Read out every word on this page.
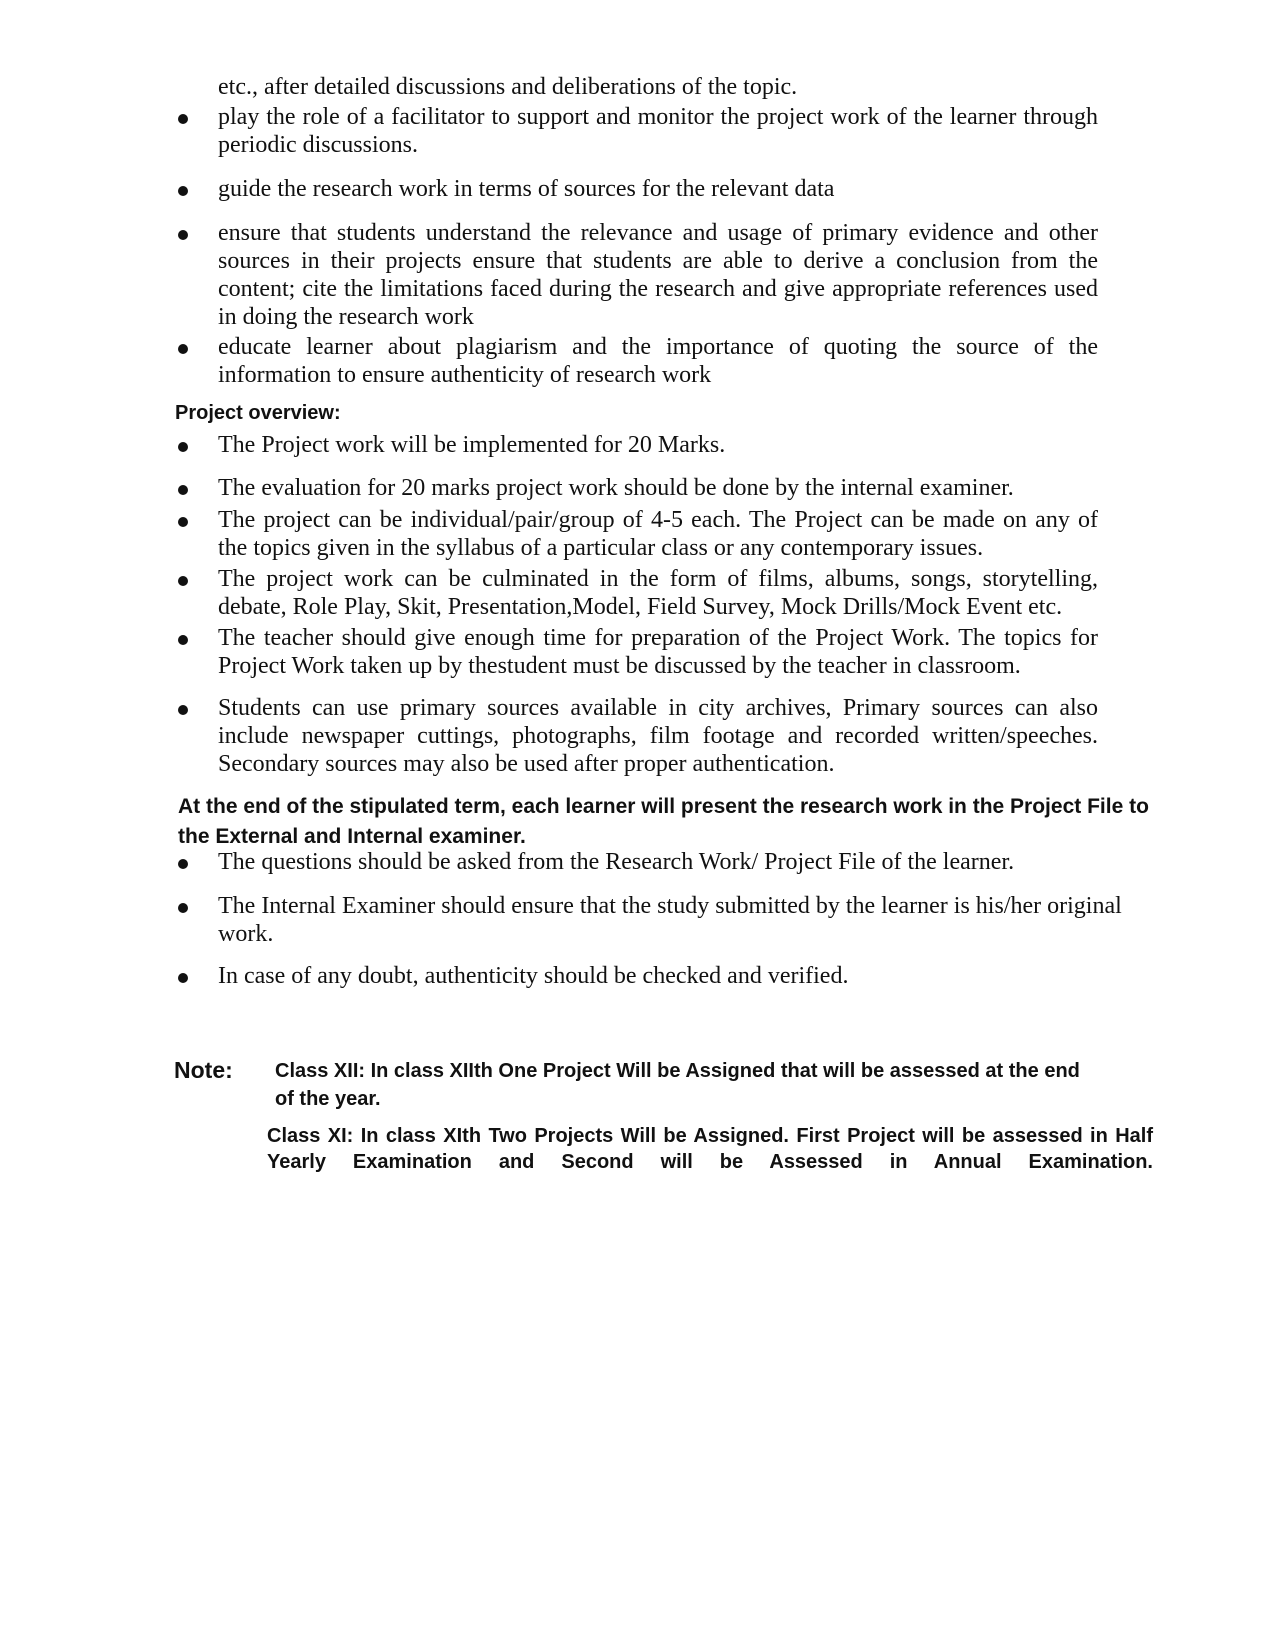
etc., after detailed discussions and deliberations of the topic.
play the role of a facilitator to support and monitor the project work of the learner through periodic discussions.
guide the research work in terms of sources for the relevant data
ensure that students understand the relevance and usage of primary evidence and other sources in their projects ensure that students are able to derive a conclusion from the content; cite the limitations faced during the research and give appropriate references used in doing the research work
educate learner about plagiarism and the importance of quoting the source of the information to ensure authenticity of research work
Project overview:
The Project work will be implemented for 20 Marks.
The evaluation for 20 marks project work should be done by the internal examiner.
The project can be individual/pair/group of 4-5 each. The Project can be made on any of the topics given in the syllabus of a particular class or any contemporary issues.
The project work can be culminated in the form of films, albums, songs, storytelling, debate, Role Play, Skit, Presentation,Model, Field Survey, Mock Drills/Mock Event etc.
The teacher should give enough time for preparation of the Project Work. The topics for Project Work taken up by thestudent must be discussed by the teacher in classroom.
Students can use primary sources available in city archives, Primary sources can also include newspaper cuttings, photographs, film footage and recorded written/speeches. Secondary sources may also be used after proper authentication.
At the end of the stipulated term, each learner will present the research work in the Project File to the External and Internal examiner.
The questions should be asked from the Research Work/ Project File of the learner.
The Internal Examiner should ensure that the study submitted by the learner is his/her original work.
In case of any doubt, authenticity should be checked and verified.
Note: Class XII: In class XIIth One Project Will be Assigned that will be assessed at the end of the year.
Class XI: In class XIth Two Projects Will be Assigned. First Project will be assessed in Half Yearly Examination and Second will be Assessed in Annual Examination.
